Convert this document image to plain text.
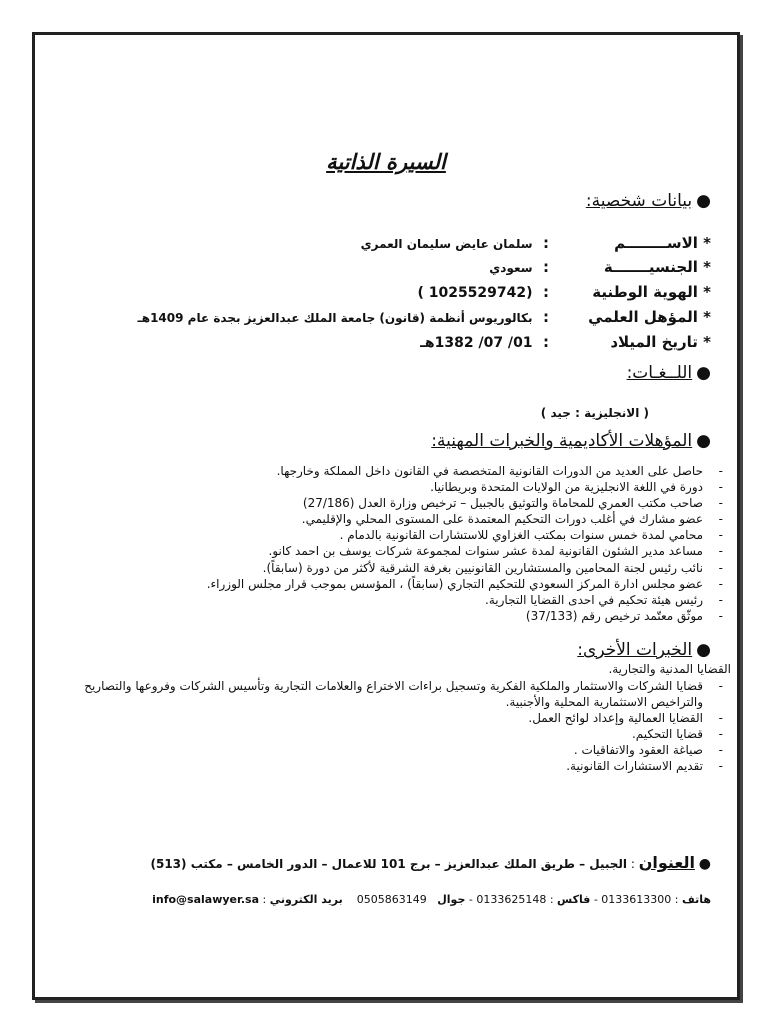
السيرة الذاتية
●بيانات شخصية:
* الاســــــــم:  سلمان عايض سليمان العمري
* الجنسيـــــــة:  سعودي
* الهوية الوطنية:  (1025529742 )
* المؤهل العلمي:  بكالوريوس أنظمة (قانون) جامعة الملك عبدالعزيز بجدة عام 1409هـ
* تاريخ الميلاد:  01/ 07/ 1382هـ
●اللــغـات:
( الانجليزية : جيد )
●المؤهلات الأكاديمية والخبرات المهنية:
- حاصل على العديد من الدورات القانونية المتخصصة في القانون داخل المملكة وخارجها.
- دورة في اللغة الانجليزية من الولايات المتحدة وبريطانيا.
- صاحب مكتب العمري للمحاماة والتوثيق بالجبيل – ترخيص وزارة العدل (27/186)
- عضو مشارك في أغلب دورات التحكيم المعتمدة على المستوى المحلي والإقليمي.
- محامي لمدة خمس سنوات بمكتب الغزاوي للاستشارات القانونية بالدمام .
- مساعد مدير الشئون القانونية لمدة عشر سنوات لمجموعة شركات يوسف بن احمد كانو.
- نائب رئيس لجنة المحامين والمستشارين القانونيين بغرفة الشرقية لأكثر من دورة (سابقاً).
- عضو مجلس ادارة المركز السعودي للتحكيم التجاري (سابقاً) ، المؤسس بموجب قرار مجلس الوزراء.
- رئيس هيئة تحكيم في احدى القضايا التجارية.
- موثّق معتّمد ترخيص رقم (37/133)
●الخبرات الأخرى:
القضايا المدنية والتجارية.
- قضايا الشركات والاستثمار والملكية الفكرية وتسجيل براءات الاختراع والعلامات التجارية وتأسيس الشركات وفروعها والتصاريح والتراخيص الاستثمارية المحلية والأجنبية.
- القضايا العمالية وإعداد لوائح العمل.
- قضايا التحكيم.
- صياغة العقود والاتفاقيات .
- تقديم الاستشارات القانونية.
● العنوان : الجبيل – طريق الملك عبدالعزيز – برج 101 للاعمال – الدور الخامس – مكتب (513)
هاتف : 0133613300 - فاكس : 0133625148 - جوال   0505863149    بريد الكتروني : info@salawyer.sa
